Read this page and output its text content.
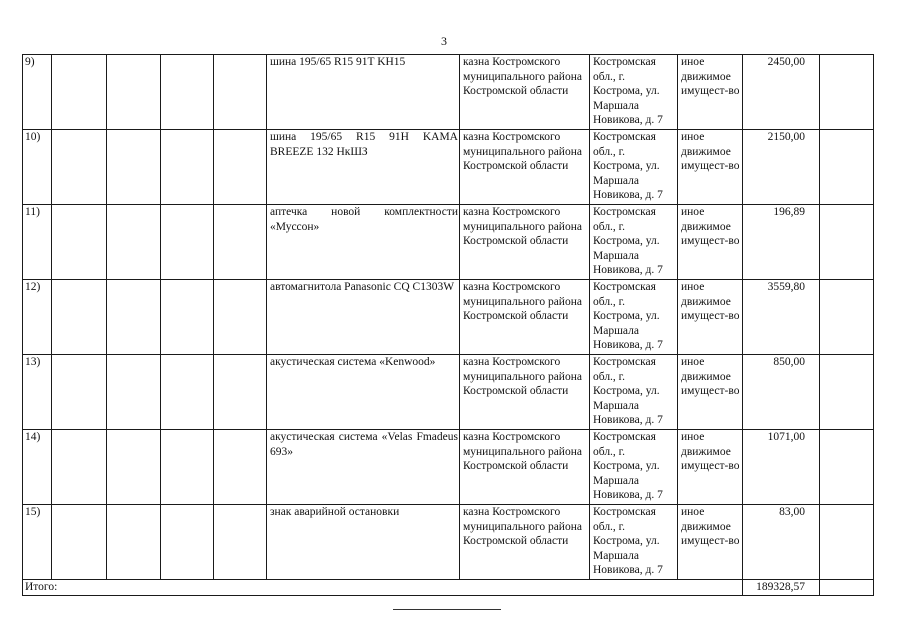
3
9)					шина 195/65 R15 91T KH15	казна Костромского муниципального района Костромской области	Костромская обл., г. Кострома, ул. Маршала Новикова, д. 7	иное движимое имущест-во	2450,00	
10)					шина 195/65 R15 91H KAMA BREEZE 132 НкШЗ	казна Костромского муниципального района Костромской области	Костромская обл., г. Кострома, ул. Маршала Новикова, д. 7	иное движимое имущест-во	2150,00	
11)					аптечка новой комплектности «Муссон»	казна Костромского муниципального района Костромской области	Костромская обл., г. Кострома, ул. Маршала Новикова, д. 7	иное движимое имущест-во	196,89	
12)					автомагнитола Panasonic CQ C1303W	казна Костромского муниципального района Костромской области	Костромская обл., г. Кострома, ул. Маршала Новикова, д. 7	иное движимое имущест-во	3559,80	
13)					акустическая система «Kenwood»	казна Костромского муниципального района Костромской области	Костромская обл., г. Кострома, ул. Маршала Новикова, д. 7	иное движимое имущест-во	850,00	
14)					акустическая система «Velas Fmadeus 693»	казна Костромского муниципального района Костромской области	Костромская обл., г. Кострома, ул. Маршала Новикова, д. 7	иное движимое имущест-во	1071,00	
15)					знак аварийной остановки	казна Костромского муниципального района Костромской области	Костромская обл., г. Кострома, ул. Маршала Новикова, д. 7	иное движимое имущест-во	83,00	
Итого:									189328,57	
